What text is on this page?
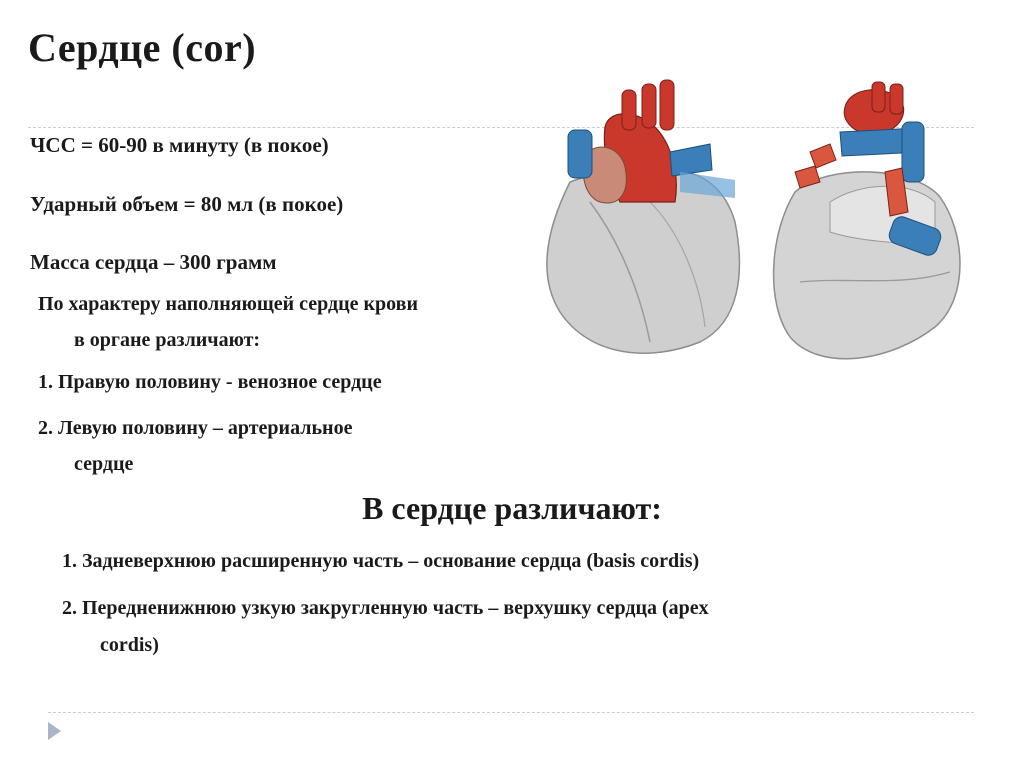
Сердце (cor)

ЧСС = 60-90 в минуту (в покое)

Ударный объем = 80 мл (в покое)

Масса сердца – 300 грамм

По характеру наполняющей сердце крови

в органе различают:

1. Правую половину - венозное сердце

2. Левую половину – артериальное

сердце

В сердце различают:

1. Задневерхнюю расширенную часть – основание сердца (basis cordis)

2. Передненижнюю узкую закругленную часть – верхушку сердца (apex

cordis)
